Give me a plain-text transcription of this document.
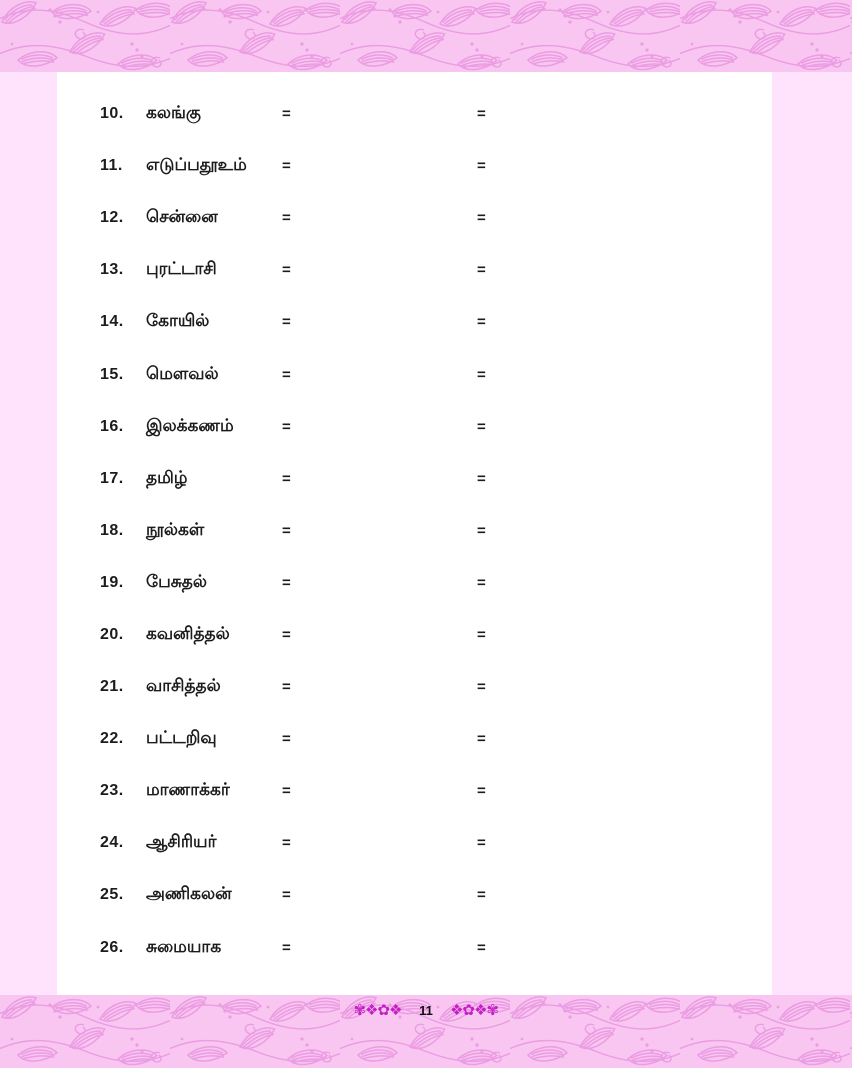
10. கலங்கு	=	=
11. எடுப்பதூஉம் =	=
12. சென்னை	=	=
13. புரட்டாசி	=	=
14. கோயில்	=	=
15. மௌவல்	=	=
16. இலக்கணம்	=	=
17. தமிழ்	=	=
18. நூல்கள்	=	=
19. பேசுதல்	=	=
20. கவனித்தல்	=	=
21. வாசித்தல்	=	=
22. பட்டறிவு	=	=
23. மாணாக்கர்	=	=
24. ஆசிரியர்	=	=
25. அணிகலன்	=	=
26. சுமையாக	=	=
✾❖✿❖ 11 ✾❖✿❖
